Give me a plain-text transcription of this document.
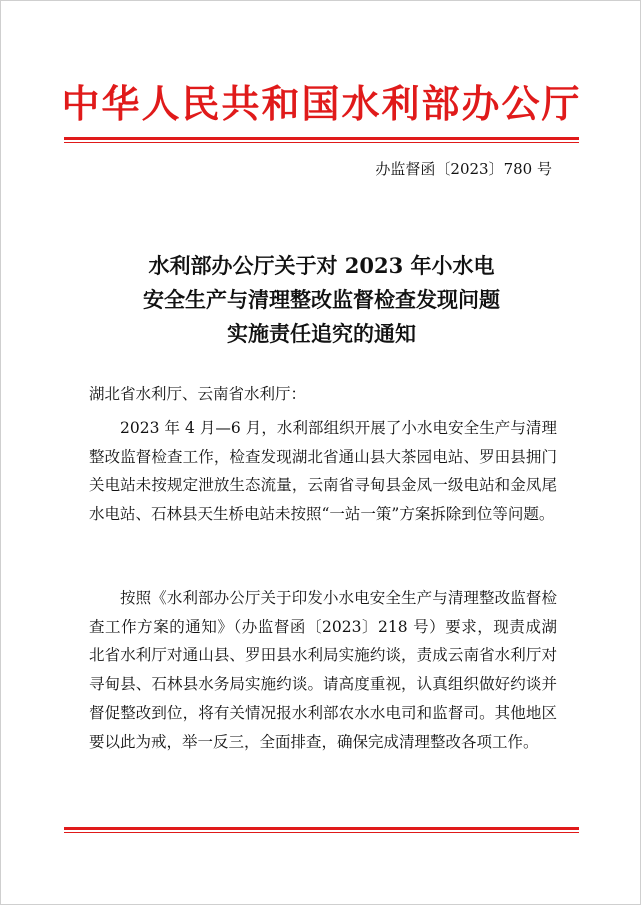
中华人民共和国水利部办公厅
办监督函〔2023〕780 号
水利部办公厅关于对 2023 年小水电
安全生产与清理整改监督检查发现问题
实施责任追究的通知
湖北省水利厅、云南省水利厅：

2023 年 4 月—6 月，水利部组织开展了小水电安全生产与清理整改监督检查工作，检查发现湖北省通山县大茶园电站、罗田县拥门关电站未按规定泄放生态流量，云南省寻甸县金凤一级电站和金凤尾水电站、石林县天生桥电站未按照“一站一策”方案拆除到位等问题。

按照《水利部办公厅关于印发小水电安全生产与清理整改监督检查工作方案的通知》（办监督函〔2023〕218 号）要求，现责成湖北省水利厅对通山县、罗田县水利局实施约谈，责成云南省水利厅对寻甸县、石林县水务局实施约谈。请高度重视，认真组织做好约谈并督促整改到位，将有关情况报水利部农水水电司和监督司。其他地区要以此为戒，举一反三，全面排查，确保完成清理整改各项工作。
